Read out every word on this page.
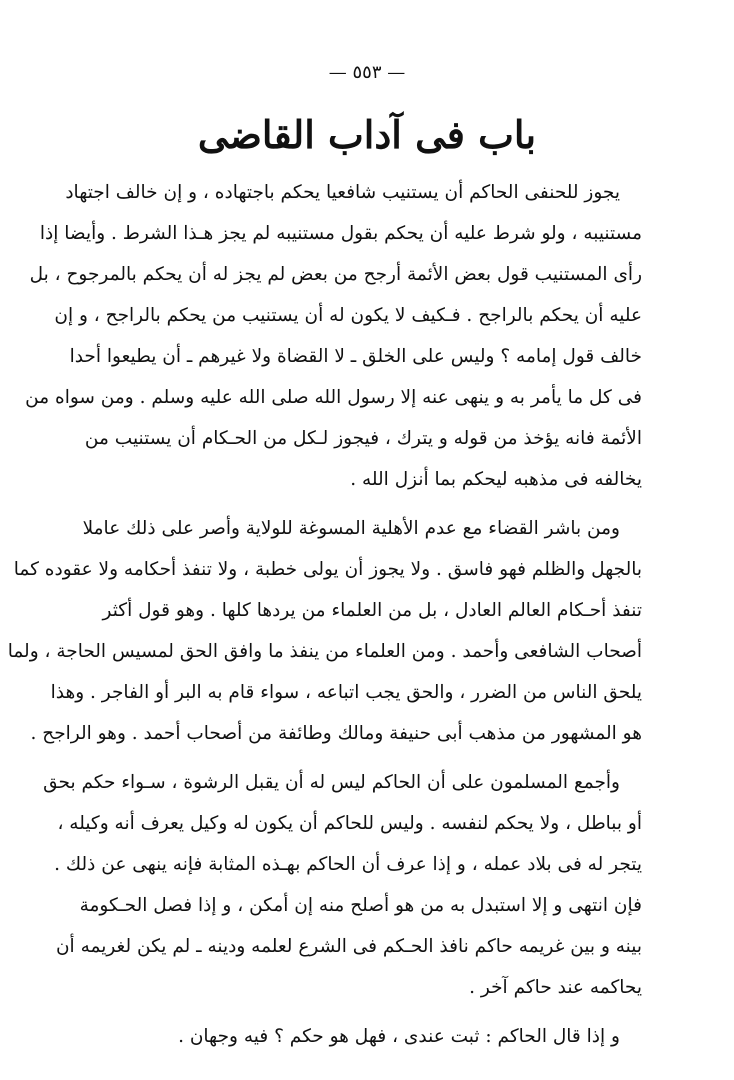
— ٥٥٣ —
باب فى آداب القاضى
يجوز للحنفى الحاكم أن يستنيب شافعيا يحكم باجتهاده ، و إن خالف اجتهاد
مستنيبه ، ولو شرط عليه أن يحكم بقول مستنيبه لم يجز هـذا الشرط . وأيضا إذا
رأى المستنيب قول بعض الأئمة أرجح من بعض لم يجز له أن يحكم بالمرجوح ، بل
عليه أن يحكم بالراجح . فـكيف لا يكون له أن يستنيب من يحكم بالراجح ، و إن
خالف قول إمامه ؟ وليس على الخلق ـ لا القضاة ولا غيرهم ـ أن يطيعوا أحدا
فى كل ما يأمر به و ينهى عنه إلا رسول الله صلى الله عليه وسلم . ومن سواه من
الأئمة فانه يؤخذ من قوله و يترك ، فيجوز لـكل من الحـكام أن يستنيب من
يخالفه فى مذهبه ليحكم بما أنزل الله .
ومن باشر القضاء مع عدم الأهلية المسوغة للولاية وأصر على ذلك عاملا
بالجهل والظلم فهو فاسق . ولا يجوز أن يولى خطبة ، ولا تنفذ أحكامه ولا عقوده كما
تنفذ أحـكام العالم العادل ، بل من العلماء من يردها كلها . وهو قول أكثر
أصحاب الشافعى وأحمد . ومن العلماء من ينفذ ما وافق الحق لمسيس الحاجة ، ولما
يلحق الناس من الضرر ، والحق يجب اتباعه ، سواء قام به البر أو الفاجر . وهذا
هو المشهور من مذهب أبى حنيفة ومالك وطائفة من أصحاب أحمد . وهو الراجح .
وأجمع المسلمون على أن الحاكم ليس له أن يقبل الرشوة ، سـواء حكم بحق
أو بباطل ، ولا يحكم لنفسه . وليس للحاكم أن يكون له وكيل يعرف أنه وكيله ،
يتجر له فى بلاد عمله ، و إذا عرف أن الحاكم بهـذه المثابة فإنه ينهى عن ذلك .
فإن انتهى و إلا استبدل به من هو أصلح منه إن أمكن ، و إذا فصل الحـكومة
بينه و بين غريمه حاكم نافذ الحـكم فى الشرع لعلمه ودينه ـ لم يكن لغريمه أن
يحاكمه عند حاكم آخر .
و إذا قال الحاكم : ثبت عندى ، فهل هو حكم ؟ فيه وجهان .
